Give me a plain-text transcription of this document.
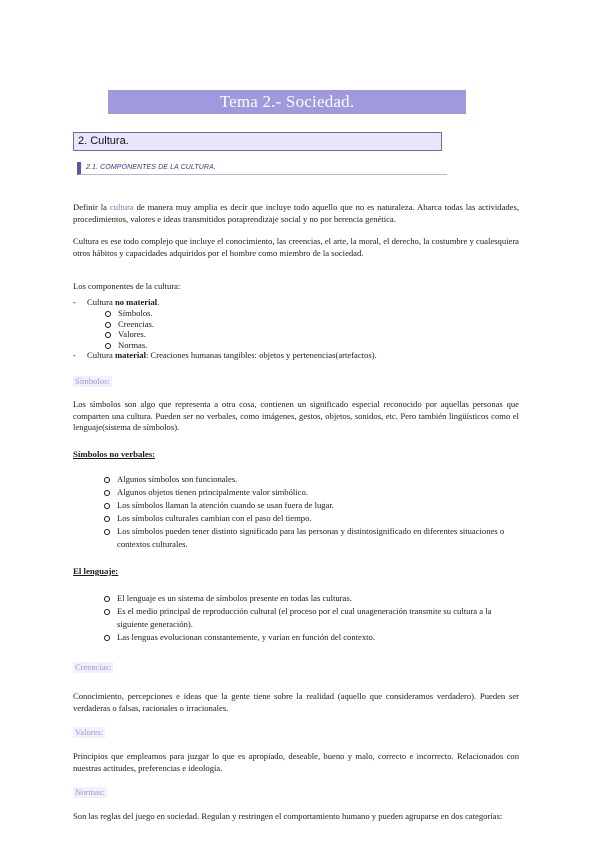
Tema 2.- Sociedad.
2. Cultura.
2.1. COMPONENTES DE LA CULTURA.
Definir la cultura de manera muy amplia es decir que incluye todo aquello que no es naturaleza. Abarca todas las actividades, procedimientos, valores e ideas transmitidos poraprendizaje social y no por herencia genética.
Cultura es ese todo complejo que incluye el conocimiento, las creencias, el arte, la moral, el derecho, la costumbre y cualesquiera otros hábitos y capacidades adquiridos por el hombre como miembro de la sociedad.
Los componentes de la cultura:
- Cultura no material.
Símbolos.
Creencias.
Valores.
Normas.
- Cultura material: Creaciones humanas tangibles: objetos y pertenencias(artefactos).
Símbolos:
Los símbolos son algo que representa a otra cosa, contienen un significado especial reconocido por aquellas personas que comparten una cultura. Pueden ser no verbales, como imágenes, gestos, objetos, sonidos, etc. Pero también lingüísticos como el lenguaje(sistema de símbolos).
Símbolos no verbales:
Algunos símbolos son funcionales.
Algunos objetos tienen principalmente valor simbólico.
Los símbolos llaman la atención cuando se usan fuera de lugar.
Los símbolos culturales cambian con el paso del tiempo.
Los símbolos pueden tener distinto significado para las personas y distintosignificado en diferentes situaciones o contextos culturales.
El lenguaje:
El lenguaje es un sistema de símbolos presente en todas las culturas.
Es el medio principal de reproducción cultural (el proceso por el cual unageneración transmite su cultura a la siguiente generación).
Las lenguas evolucionan constantemente, y varían en función del contexto.
Creencias:
Conocimiento, percepciones e ideas que la gente tiene sobre la realidad (aquello que consideramos verdadero). Pueden ser verdaderas o falsas, racionales o irracionales.
Valores:
Principios que empleamos para juzgar lo que es apropiado, deseable, bueno y malo, correcto e incorrecto. Relacionados con nuestras actitudes, preferencias e ideología.
Normas:
Son las reglas del juego en sociedad. Regulan y restringen el comportamiento humano y pueden agruparse en dos categorías:
